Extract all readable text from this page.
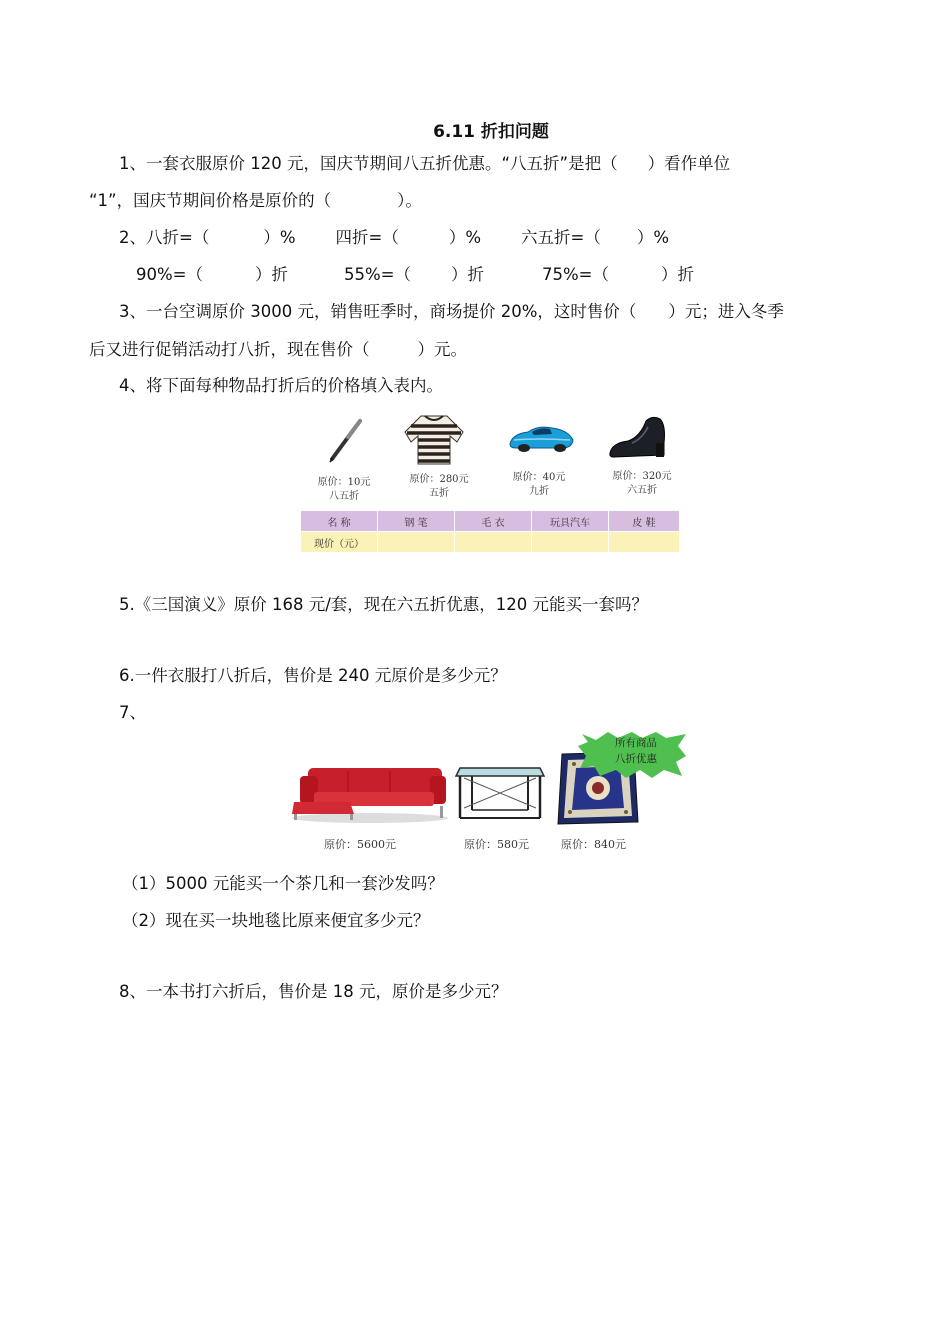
6.11 折扣问题
1、一套衣服原价 120 元，国庆节期间八五折优惠。“八五折”是把（ ）看作单位
“1”，国庆节期间价格是原价的（	）。
2、八折=（	）% 四折=（	）% 六五折=（ ）%
90%=（	）折	55%=（ ）折	75%=（	）折
3、一台空调原价 3000 元，销售旺季时，商场提价 20%，这时售价（ ）元；进入冬季
后又进行促销活动打八折，现在售价（	）元。
4、将下面每种物品打折后的价格填入表内。
原价：10元
八五折
原价：280元
五折
原价：40元
九折
原价：320元
六五折
名 称	钢 笔	毛 衣	玩具汽车	皮 鞋
现价（元）				
5.《三国演义》原价 168 元/套，现在六五折优惠，120 元能买一套吗？
6.一件衣服打八折后，售价是 240 元原价是多少元？
7、
所有商品
八折优惠
原价：5600元	原价：580元	原价：840元
（1）5000 元能买一个茶几和一套沙发吗？
（2）现在买一块地毯比原来便宜多少元？
8、一本书打六折后，售价是 18 元，原价是多少元？
